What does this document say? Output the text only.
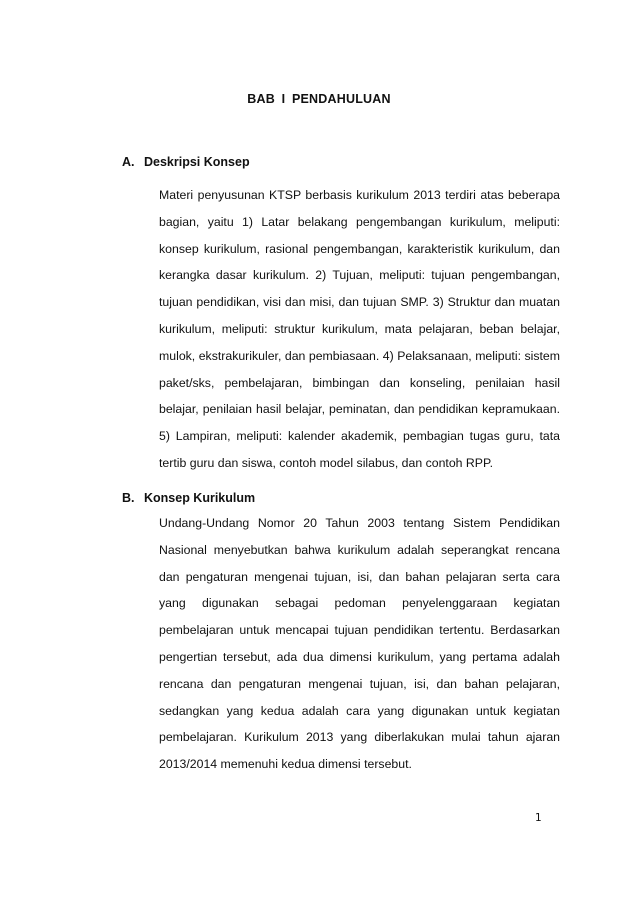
BAB I PENDAHULUAN
A. Deskripsi Konsep
Materi penyusunan KTSP berbasis kurikulum 2013 terdiri atas beberapa bagian, yaitu 1) Latar belakang pengembangan kurikulum, meliputi: konsep kurikulum, rasional pengembangan, karakteristik kurikulum, dan kerangka dasar kurikulum. 2) Tujuan, meliputi: tujuan pengembangan, tujuan pendidikan, visi dan misi, dan tujuan SMP. 3) Struktur dan muatan kurikulum, meliputi: struktur kurikulum, mata pelajaran, beban belajar, mulok, ekstrakurikuler, dan pembiasaan. 4) Pelaksanaan, meliputi: sistem paket/sks, pembelajaran, bimbingan dan konseling, penilaian hasil belajar, penilaian hasil belajar, peminatan, dan pendidikan kepramukaan. 5) Lampiran, meliputi: kalender akademik, pembagian tugas guru, tata tertib guru dan siswa, contoh model silabus, dan contoh RPP.
B. Konsep Kurikulum
Undang-Undang Nomor 20 Tahun 2003 tentang Sistem Pendidikan Nasional menyebutkan bahwa kurikulum adalah seperangkat rencana dan pengaturan mengenai tujuan, isi, dan bahan pelajaran serta cara yang digunakan sebagai pedoman penyelenggaraan kegiatan pembelajaran untuk mencapai tujuan pendidikan tertentu. Berdasarkan pengertian tersebut, ada dua dimensi kurikulum, yang pertama adalah rencana dan pengaturan mengenai tujuan, isi, dan bahan pelajaran, sedangkan yang kedua adalah cara yang digunakan untuk kegiatan pembelajaran. Kurikulum 2013 yang diberlakukan mulai tahun ajaran 2013/2014 memenuhi kedua dimensi tersebut.
1
